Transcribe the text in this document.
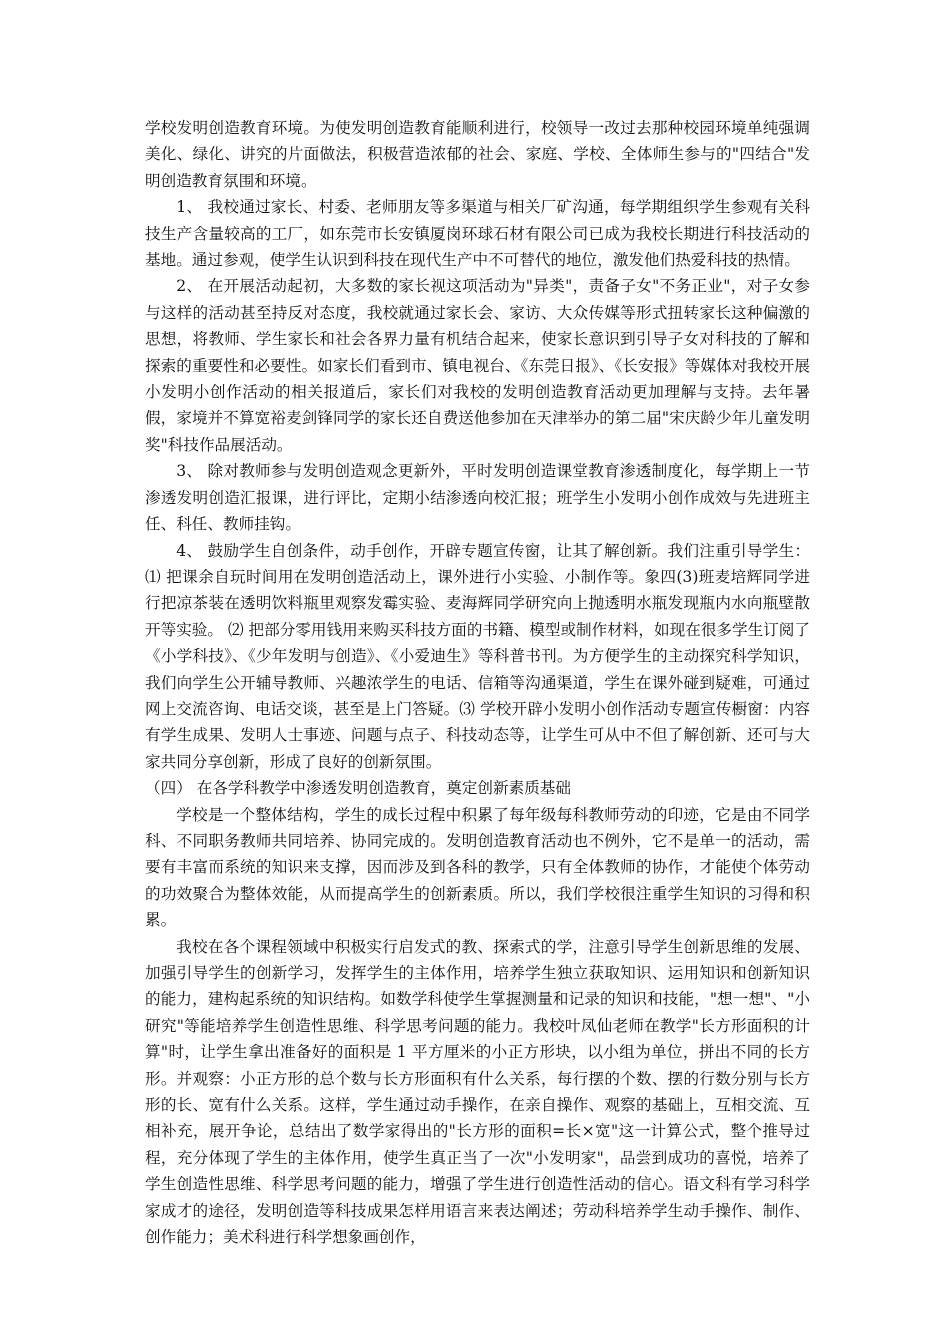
学校发明创造教育环境。为使发明创造教育能顺利进行，校领导一改过去那种校园环境单纯强调美化、绿化、讲究的片面做法，积极营造浓郁的社会、家庭、学校、全体师生参与的"四结合"发明创造教育氛围和环境。

1、 我校通过家长、村委、老师朋友等多渠道与相关厂矿沟通，每学期组织学生参观有关科技生产含量较高的工厂，如东莞市长安镇厦岗环球石材有限公司已成为我校长期进行科技活动的基地。通过参观，使学生认识到科技在现代生产中不可替代的地位，激发他们热爱科技的热情。

2、 在开展活动起初，大多数的家长视这项活动为"异类"，责备子女"不务正业"，对子女参与这样的活动甚至持反对态度，我校就通过家长会、家访、大众传媒等形式扭转家长这种偏激的思想，将教师、学生家长和社会各界力量有机结合起来，使家长意识到引导子女对科技的了解和探索的重要性和必要性。如家长们看到市、镇电视台、《东莞日报》、《长安报》等媒体对我校开展小发明小创作活动的相关报道后，家长们对我校的发明创造教育活动更加理解与支持。去年暑假，家境并不算宽裕麦剑锋同学的家长还自费送他参加在天津举办的第二届"宋庆龄少年儿童发明奖"科技作品展活动。

3、 除对教师参与发明创造观念更新外，平时发明创造课堂教育渗透制度化，每学期上一节渗透发明创造汇报课，进行评比，定期小结渗透向校汇报；班学生小发明小创作成效与先进班主任、科任、教师挂钩。

4、 鼓励学生自创条件，动手创作，开辟专题宣传窗，让其了解创新。我们注重引导学生：⑴ 把课余自玩时间用在发明创造活动上，课外进行小实验、小制作等。象四(3)班麦培辉同学进行把凉茶装在透明饮料瓶里观察发霉实验、麦海辉同学研究向上抛透明水瓶发现瓶内水向瓶壁散开等实验。 ⑵ 把部分零用钱用来购买科技方面的书籍、模型或制作材料，如现在很多学生订阅了《小学科技》、《少年发明与创造》、《小爱迪生》等科普书刊。为方便学生的主动探究科学知识，我们向学生公开辅导教师、兴趣浓学生的电话、信箱等沟通渠道，学生在课外碰到疑难，可通过网上交流咨询、电话交谈，甚至是上门答疑。⑶ 学校开辟小发明小创作活动专题宣传橱窗：内容有学生成果、发明人士事迹、问题与点子、科技动态等，让学生可从中不但了解创新、还可与大家共同分享创新，形成了良好的创新氛围。

（四） 在各学科教学中渗透发明创造教育，奠定创新素质基础

学校是一个整体结构，学生的成长过程中积累了每年级每科教师劳动的印迹，它是由不同学科、不同职务教师共同培养、协同完成的。发明创造教育活动也不例外，它不是单一的活动，需要有丰富而系统的知识来支撑，因而涉及到各科的教学，只有全体教师的协作，才能使个体劳动的功效聚合为整体效能，从而提高学生的创新素质。所以，我们学校很注重学生知识的习得和积累。

我校在各个课程领域中积极实行启发式的教、探索式的学，注意引导学生创新思维的发展、加强引导学生的创新学习，发挥学生的主体作用，培养学生独立获取知识、运用知识和创新知识的能力，建构起系统的知识结构。如数学科使学生掌握测量和记录的知识和技能，"想一想"、"小研究"等能培养学生创造性思维、科学思考问题的能力。我校叶凤仙老师在教学"长方形面积的计算"时，让学生拿出准备好的面积是 1 平方厘米的小正方形块，以小组为单位，拼出不同的长方形。并观察：小正方形的总个数与长方形面积有什么关系，每行摆的个数、摆的行数分别与长方形的长、宽有什么关系。这样，学生通过动手操作，在亲自操作、观察的基础上，互相交流、互相补充，展开争论，总结出了数学家得出的"长方形的面积=长×宽"这一计算公式，整个推导过程，充分体现了学生的主体作用，使学生真正当了一次"小发明家"，品尝到成功的喜悦，培养了学生创造性思维、科学思考问题的能力，增强了学生进行创造性活动的信心。语文科有学习科学家成才的途径，发明创造等科技成果怎样用语言来表达阐述；劳动科培养学生动手操作、制作、创作能力；美术科进行科学想象画创作，
